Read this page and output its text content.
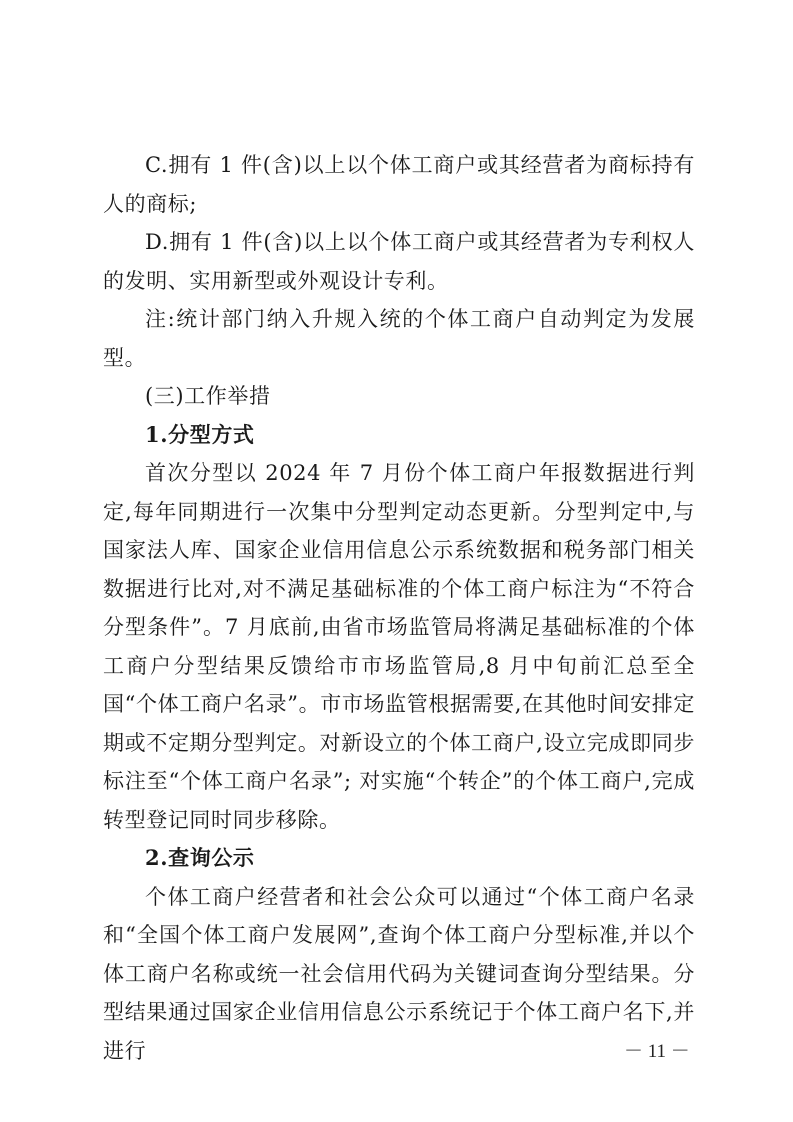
C.拥有 1 件(含)以上以个体工商户或其经营者为商标持有人的商标;

D.拥有 1 件(含)以上以个体工商户或其经营者为专利权人的发明、实用新型或外观设计专利。

注:统计部门纳入升规入统的个体工商户自动判定为发展型。

(三)工作举措

1.分型方式

首次分型以 2024 年 7 月份个体工商户年报数据进行判定,每年同期进行一次集中分型判定动态更新。分型判定中,与国家法人库、国家企业信用信息公示系统数据和税务部门相关数据进行比对,对不满足基础标准的个体工商户标注为“不符合分型条件”。7 月底前,由省市场监管局将满足基础标准的个体工商户分型结果反馈给市市场监管局,8 月中旬前汇总至全国“个体工商户名录”。市市场监管根据需要,在其他时间安排定期或不定期分型判定。对新设立的个体工商户,设立完成即同步标注至“个体工商户名录”; 对实施“个转企”的个体工商户,完成转型登记同时同步移除。

2.查询公示

个体工商户经营者和社会公众可以通过“个体工商户名录和“全国个体工商户发展网”,查询个体工商户分型标准,并以个体工商户名称或统一社会信用代码为关键词查询分型结果。分型结果通过国家企业信用信息公示系统记于个体工商户名下,并进行	－ 11 －
